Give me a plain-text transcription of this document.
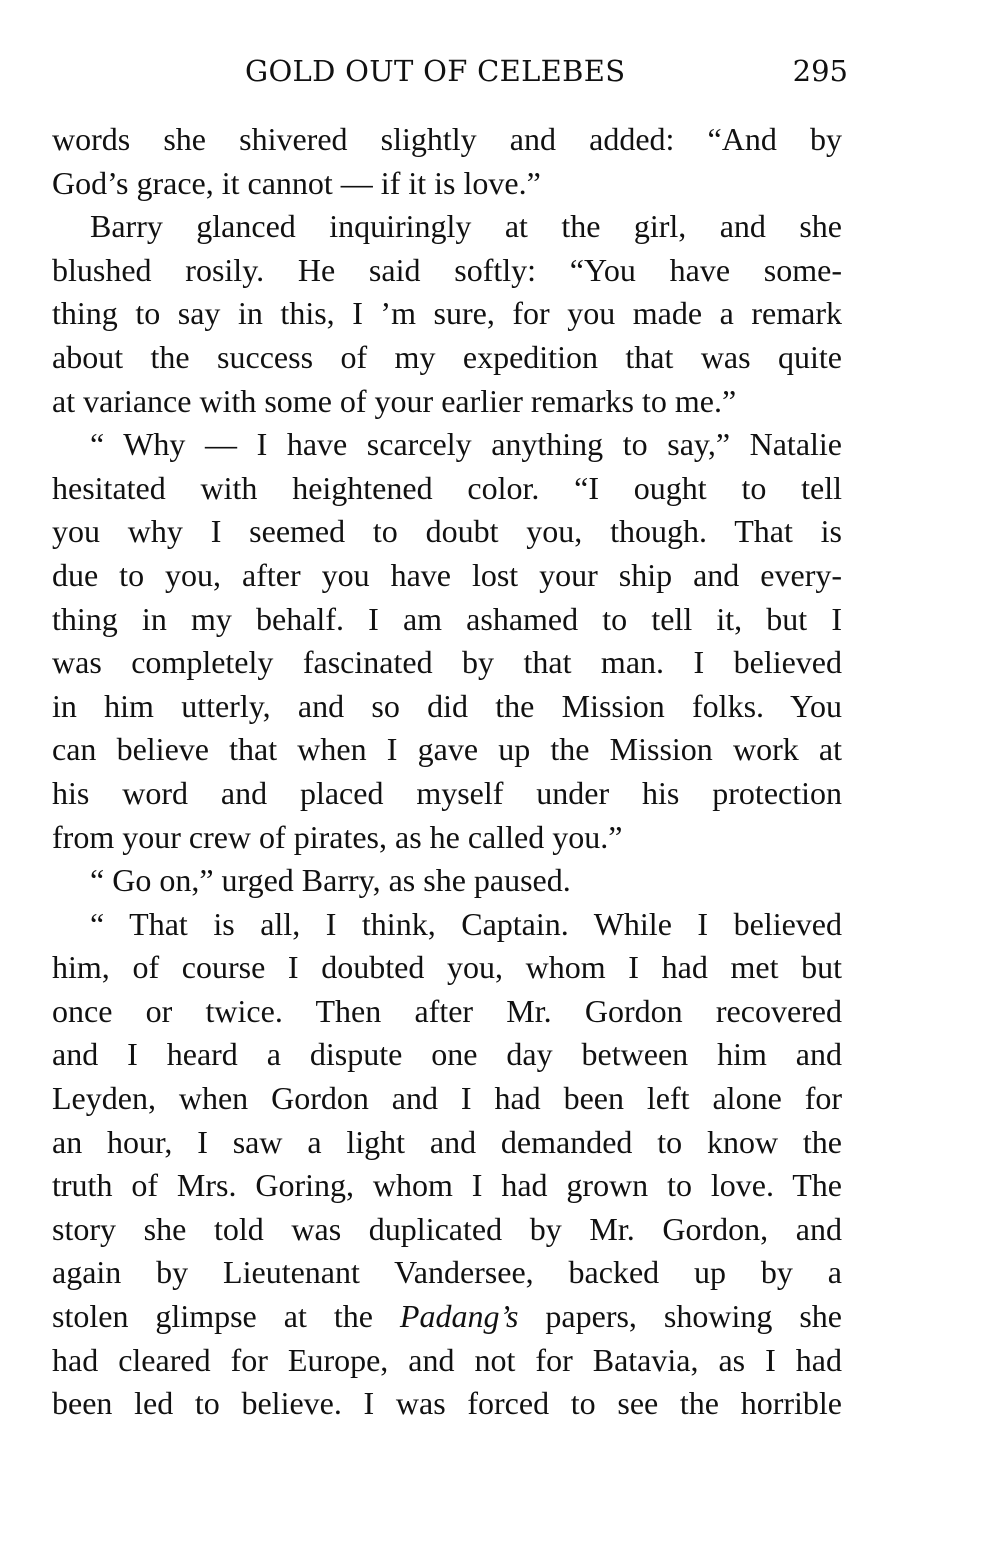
GOLD OUT OF CELEBES	295
words she shivered slightly and added: “And by
God’s grace, it cannot — if it is love.”
Barry glanced inquiringly at the girl, and she
blushed rosily. He said softly: “You have some-
thing to say in this, I ’m sure, for you made a remark
about the success of my expedition that was quite
at variance with some of your earlier remarks to me.”
“ Why — I have scarcely anything to say,” Natalie
hesitated with heightened color. “I ought to tell
you why I seemed to doubt you, though. That is
due to you, after you have lost your ship and every-
thing in my behalf. I am ashamed to tell it, but I
was completely fascinated by that man. I believed
in him utterly, and so did the Mission folks. You
can believe that when I gave up the Mission work at
his word and placed myself under his protection
from your crew of pirates, as he called you.”
“ Go on,” urged Barry, as she paused.
“ That is all, I think, Captain. While I believed
him, of course I doubted you, whom I had met but
once or twice. Then after Mr. Gordon recovered
and I heard a dispute one day between him and
Leyden, when Gordon and I had been left alone for
an hour, I saw a light and demanded to know the
truth of Mrs. Goring, whom I had grown to love. The
story she told was duplicated by Mr. Gordon, and
again by Lieutenant Vandersee, backed up by a
stolen glimpse at the Padang’s papers, showing she
had cleared for Europe, and not for Batavia, as I had
been led to believe. I was forced to see the horrible
